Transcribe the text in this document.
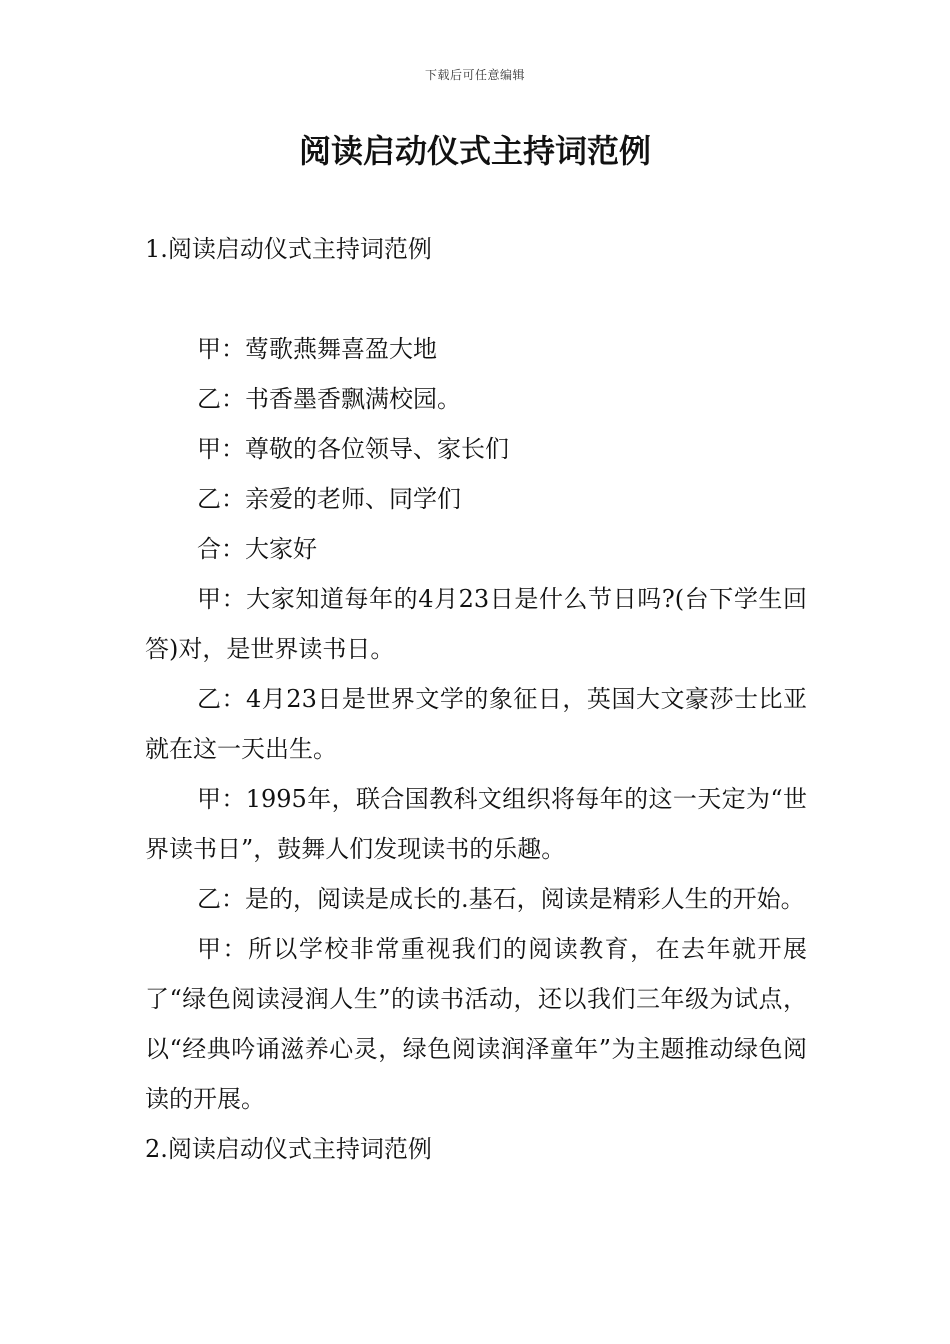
下载后可任意编辑
阅读启动仪式主持词范例
1.阅读启动仪式主持词范例

甲：莺歌燕舞喜盈大地

乙：书香墨香飘满校园。

甲：尊敬的各位领导、家长们

乙：亲爱的老师、同学们

合：大家好

甲：大家知道每年的4月23日是什么节日吗?(台下学生回答)对，是世界读书日。

乙：4月23日是世界文学的象征日，英国大文豪莎士比亚就在这一天出生。

甲：1995年，联合国教科文组织将每年的这一天定为“世界读书日”，鼓舞人们发现读书的乐趣。

乙：是的，阅读是成长的.基石，阅读是精彩人生的开始。

甲：所以学校非常重视我们的阅读教育，在去年就开展了“绿色阅读浸润人生”的读书活动，还以我们三年级为试点，以“经典吟诵滋养心灵，绿色阅读润泽童年”为主题推动绿色阅读的开展。

2.阅读启动仪式主持词范例
